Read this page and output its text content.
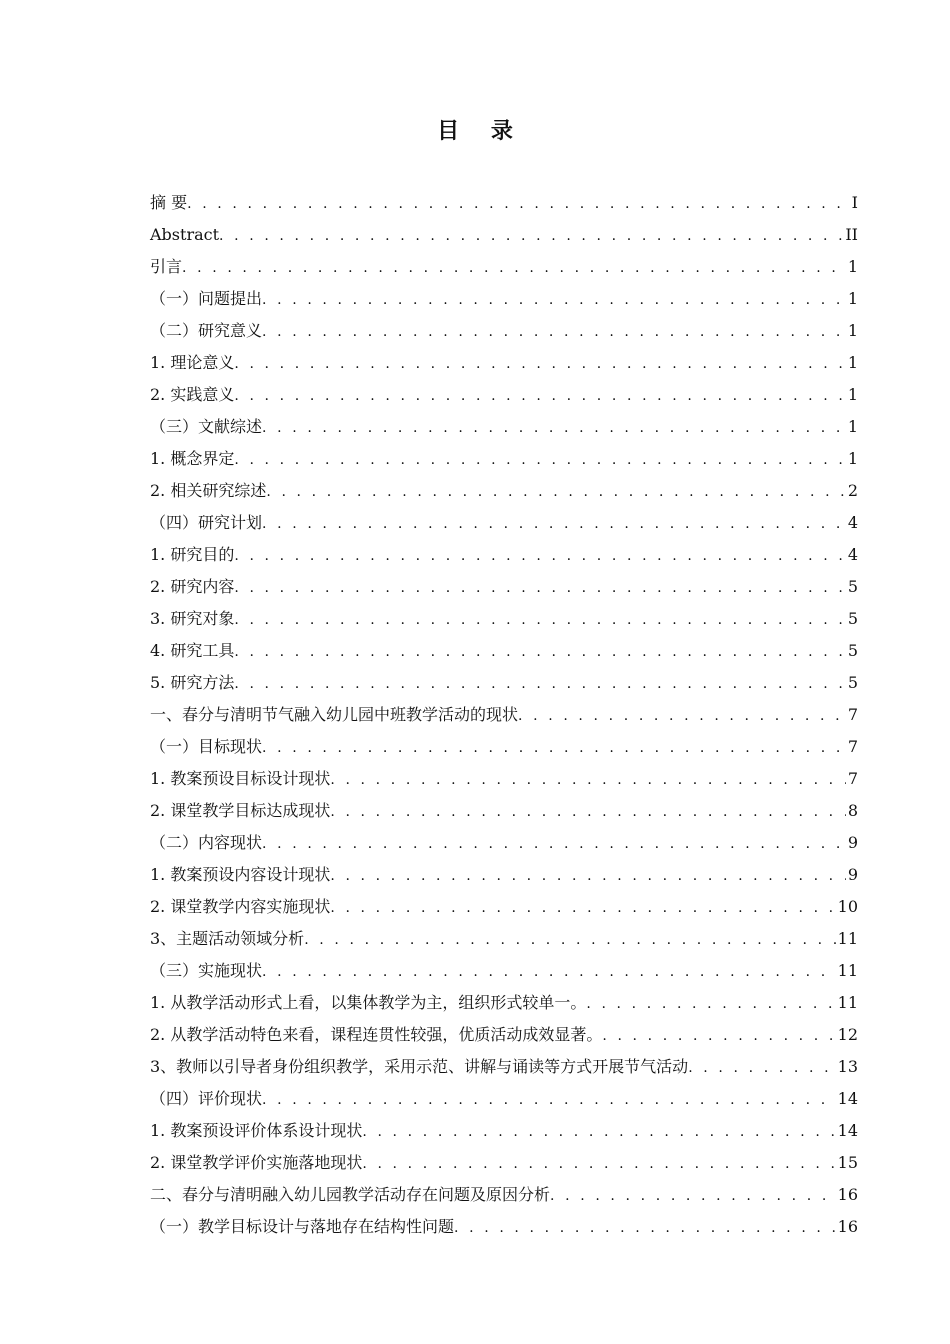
目 录
摘 要 . . .	I
Abstract . . .	II
引言 . . .	1
（一）问题提出 . . .	1
（二）研究意义 . . .	1
1. 理论意义 . . .	1
2. 实践意义 . . .	1
（三）文献综述 . . .	1
1. 概念界定 . . .	1
2. 相关研究综述 . . .	2
（四）研究计划 . . .	4
1. 研究目的 . . .	4
2. 研究内容 . . .	5
3. 研究对象 . . .	5
4. 研究工具 . . .	5
5. 研究方法 . . .	5
一、春分与清明节气融入幼儿园中班教学活动的现状 . . .	7
（一）目标现状 . . .	7
1. 教案预设目标设计现状 . . .	7
2. 课堂教学目标达成现状 . . .	8
（二）内容现状 . . .	9
1. 教案预设内容设计现状 . . .	9
2. 课堂教学内容实施现状 . . .	10
3、主题活动领域分析 . . .	11
（三）实施现状 . . .	11
1. 从教学活动形式上看，以集体教学为主，组织形式较单一。 . . .	11
2. 从教学活动特色来看，课程连贯性较强，优质活动成效显著。 . . .	12
3、教师以引导者身份组织教学，采用示范、讲解与诵读等方式开展节气活动 . . .	13
（四）评价现状 . . .	14
1. 教案预设评价体系设计现状 . . .	14
2. 课堂教学评价实施落地现状 . . .	15
二、春分与清明融入幼儿园教学活动存在问题及原因分析 . . .	16
（一）教学目标设计与落地存在结构性问题 . . .	16
